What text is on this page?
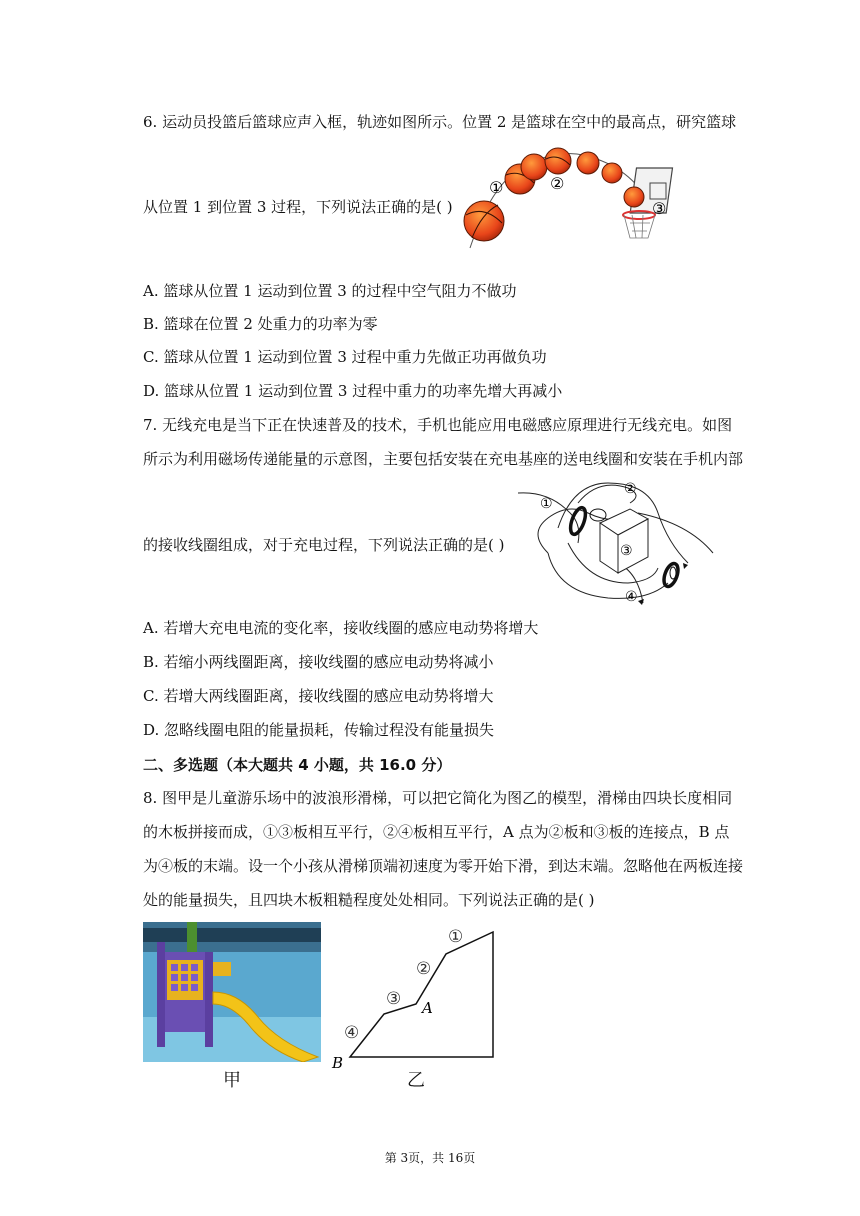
6. 运动员投篮后篮球应声入框，轨迹如图所示。位置 2 是篮球在空中的最高点，研究篮球
从位置 1 到位置 3 过程，下列说法正确的是( )
①	②
③
A. 篮球从位置 1 运动到位置 3 的过程中空气阻力不做功
B. 篮球在位置 2 处重力的功率为零
C. 篮球从位置 1 运动到位置 3 过程中重力先做正功再做负功
D. 篮球从位置 1 运动到位置 3 过程中重力的功率先增大再减小
7. 无线充电是当下正在快速普及的技术，手机也能应用电磁感应原理进行无线充电。如图
所示为利用磁场传递能量的示意图，主要包括安装在充电基座的送电线圈和安装在手机内部
的接收线圈组成，对于充电过程，下列说法正确的是( )
①
②
③
④
A. 若增大充电电流的变化率，接收线圈的感应电动势将增大
B. 若缩小两线圈距离，接收线圈的感应电动势将减小
C. 若增大两线圈距离，接收线圈的感应电动势将增大
D. 忽略线圈电阻的能量损耗，传输过程没有能量损失
二、多选题（本大题共 4 小题，共 16.0 分）
8. 图甲是儿童游乐场中的波浪形滑梯，可以把它简化为图乙的模型，滑梯由四块长度相同
的木板拼接而成，①③板相互平行，②④板相互平行，A 点为②板和③板的连接点，B 点
为④板的末端。设一个小孩从滑梯顶端初速度为零开始下滑，到达末端。忽略他在两板连接
处的能量损失，且四块木板粗糙程度处处相同。下列说法正确的是( )
甲
①
②
③
④
A
B
乙
第 3页，共 16页
